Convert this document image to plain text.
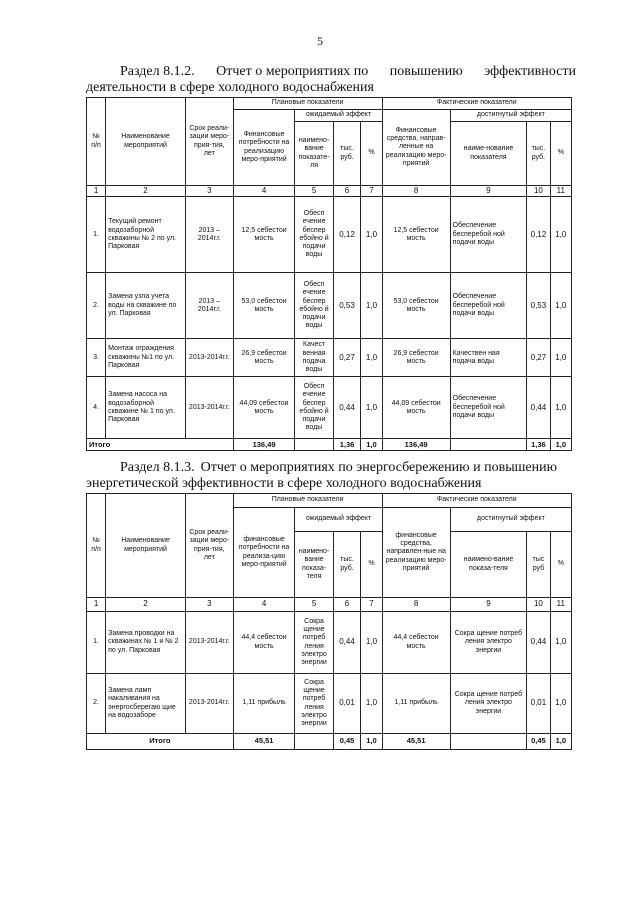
5
Раздел 8.1.2. Отчет о мероприятиях по повышению эффективности
деятельности в сфере холодного водоснабжения
№ п/п	Наименование мероприятий	Срок реали-зации меро-прия-тия, лет	Плановые показатели				Фактические показатели			
			Финансовые потребности на реализацию меро-приятий	ожидаемый эффект			Финансовые средства, направ-ленные на реализацию меро-приятий	достигнутый эффект		
				наимено-вание показате-ля	тыс. руб.	%		наиме-нование показателя	тыс. руб.	%
1	2	3	4	5	6	7	8	9	10	11
1.	Текущий ремонт водозаборной скважины № 2 по ул. Парковая	2013 – 2014г.г.	12,5 себестои мость	Обесп ечение беспер ебойно й подачи воды	0,12	1,0	12,5 себестои мость	Обеспечение бесперебой ной подачи воды	0,12	1,0
2.	Замена узла учета воды на скважине по ул. Парковая	2013 – 2014г.г.	53,0 себестои мость	Обесп ечение беспер ебойно й подачи воды	0,53	1,0	53,0 себестои мость	Обеспечение бесперебой ной подачи воды	0,53	1,0
3.	Монтаж ограждения скважины №1 по ул. Парковая	2013-2014г.г.	26,9 себестои мость	Качест венная подача воды	0,27	1,0	26,9 себестои мость	Качествен ная подача воды	0,27	1,0
4.	Замена насоса на водозаборной скважине № 1 по ул. Парковая	2013-2014г.г.	44,09 себестои мость	Обесп ечение беспер ебойно й подачи воды	0,44	1,0	44,09 себестои мость	Обеспечение бесперебой ной подачи воды	0,44	1,0
Итого			136,49		1,36	1,0	136,49		1,36	1,0
Раздел 8.1.3. Отчет о мероприятиях по энергосбережению и повышению
энергетической эффективности в сфере холодного водоснабжения
№ п/п	Наименование мероприятий	Срок реали-зации меро-прия-тия, лет	Плановые показатели				Фактические показатели			
			финансовые потребности на реализа-цию меро-приятий	ожидаемый эффект			финансовые средства, направлен-ные на реализацию меро-приятий	достигнутый эффект		
				наимено-вание показа-теля	тыс. руб.	%		наимено-вание показа-теля	тыс руб	%
1	2	3	4	5	6	7	8	9	10	11
1.	Замена проводки на скважинах № 1 и № 2 по ул. Парковая	2013-2014г.г.	44,4 себестои мость	Сокра щение потреб ления электро энергии	0,44	1,0	44,4 себестои мость	Сокра щение потреб ления электро энергии	0,44	1,0
2.	Замена ламп накаливания на энергосберегаю щие на водозаборе	2013-2014г.г.	1,11 прибыль	Сокра щение потреб ления электро энергии	0,01	1,0	1,11 прибыль	Сокра щение потреб ления электро энергии	0,01	1,0
Итого			45,51		0,45	1,0	45,51		0,45	1,0
